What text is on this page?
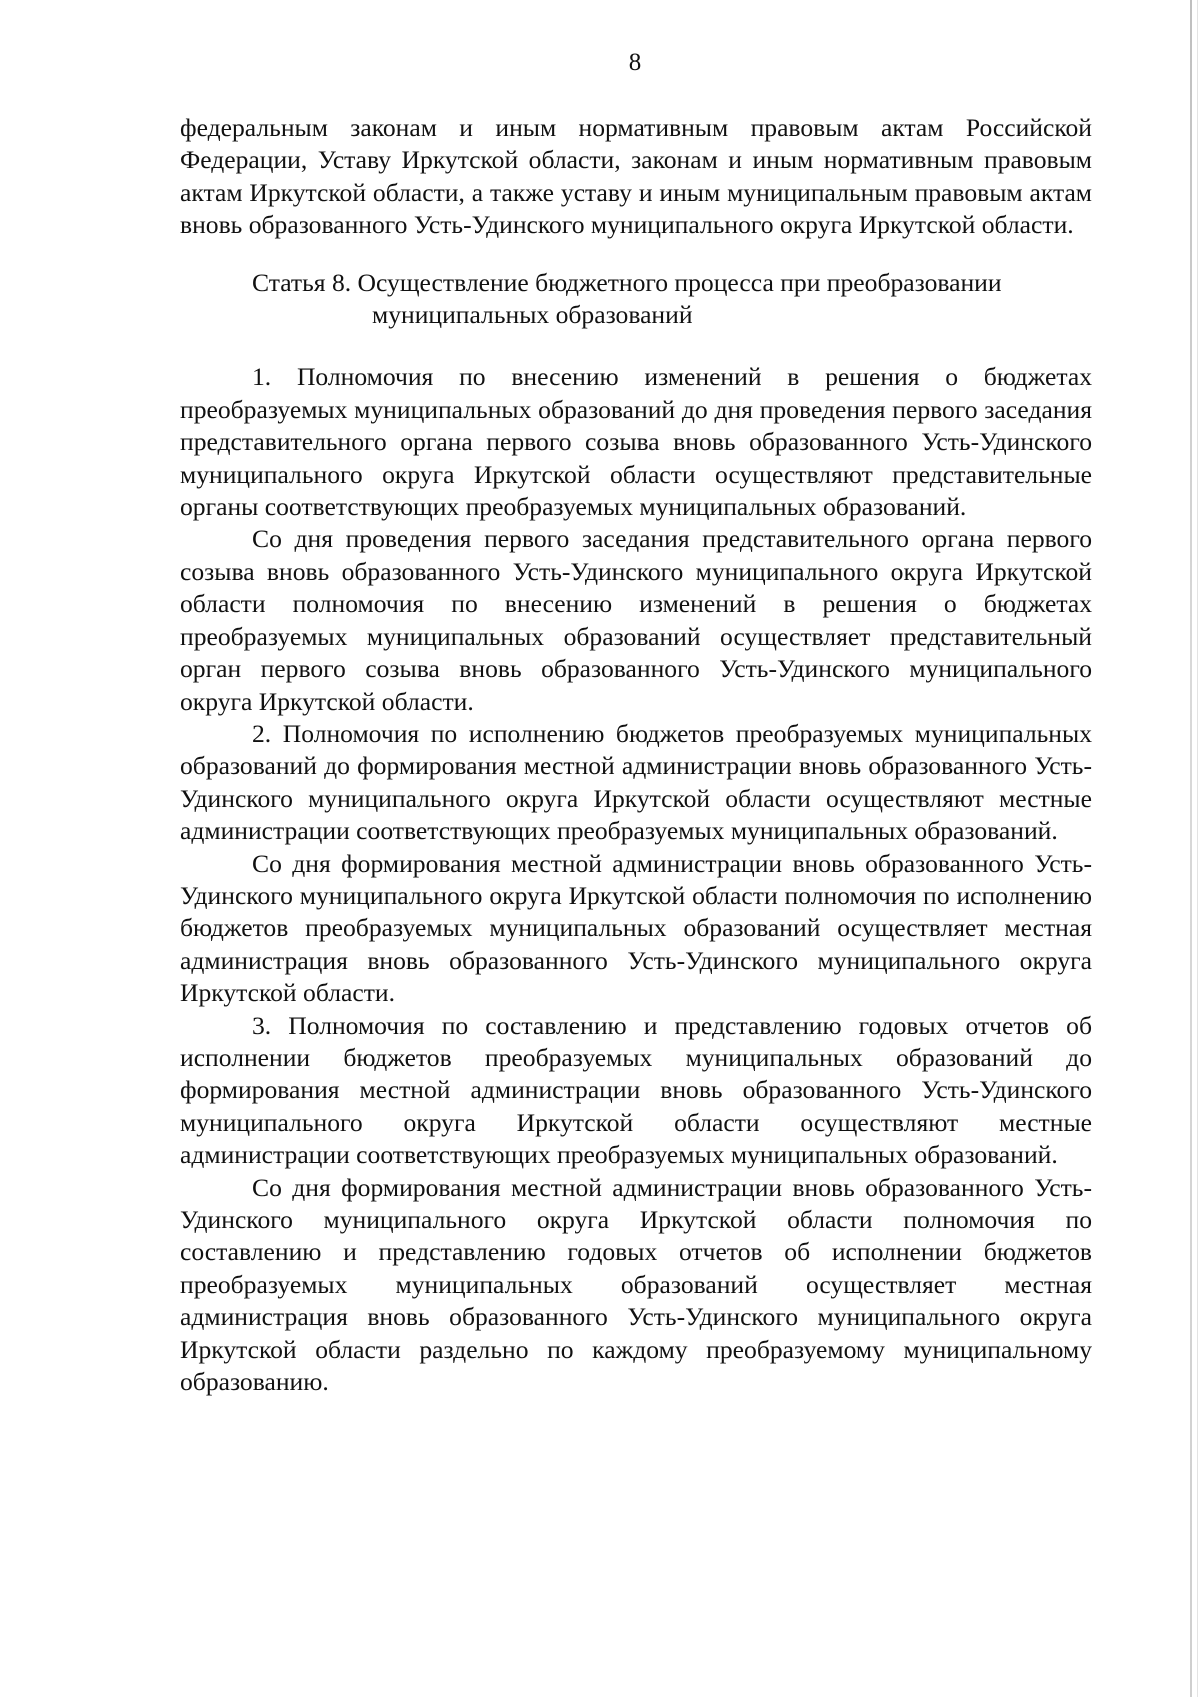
8

федеральным законам и иным нормативным правовым актам Российской Федерации, Уставу Иркутской области, законам и иным нормативным правовым актам Иркутской области, а также уставу и иным муниципальным правовым актам вновь образованного Усть-Удинского муниципального округа Иркутской области.

Статья 8. Осуществление бюджетного процесса при преобразовании
муниципальных образований

1. Полномочия по внесению изменений в решения о бюджетах преобразуемых муниципальных образований до дня проведения первого заседания представительного органа первого созыва вновь образованного Усть-Удинского муниципального округа Иркутской области осуществляют представительные органы соответствующих преобразуемых муниципальных образований.

Со дня проведения первого заседания представительного органа первого созыва вновь образованного Усть-Удинского муниципального округа Иркутской области полномочия по внесению изменений в решения о бюджетах преобразуемых муниципальных образований осуществляет представительный орган первого созыва вновь образованного Усть-Удинского муниципального округа Иркутской области.

2. Полномочия по исполнению бюджетов преобразуемых муниципальных образований до формирования местной администрации вновь образованного Усть-Удинского муниципального округа Иркутской области осуществляют местные администрации соответствующих преобразуемых муниципальных образований.

Со дня формирования местной администрации вновь образованного Усть-Удинского муниципального округа Иркутской области полномочия по исполнению бюджетов преобразуемых муниципальных образований осуществляет местная администрация вновь образованного Усть-Удинского муниципального округа Иркутской области.

3. Полномочия по составлению и представлению годовых отчетов об исполнении бюджетов преобразуемых муниципальных образований до формирования местной администрации вновь образованного Усть-Удинского муниципального округа Иркутской области осуществляют местные администрации соответствующих преобразуемых муниципальных образований.

Со дня формирования местной администрации вновь образованного Усть-Удинского муниципального округа Иркутской области полномочия по составлению и представлению годовых отчетов об исполнении бюджетов преобразуемых муниципальных образований осуществляет местная администрация вновь образованного Усть-Удинского муниципального округа Иркутской области раздельно по каждому преобразуемому муниципальному образованию.
